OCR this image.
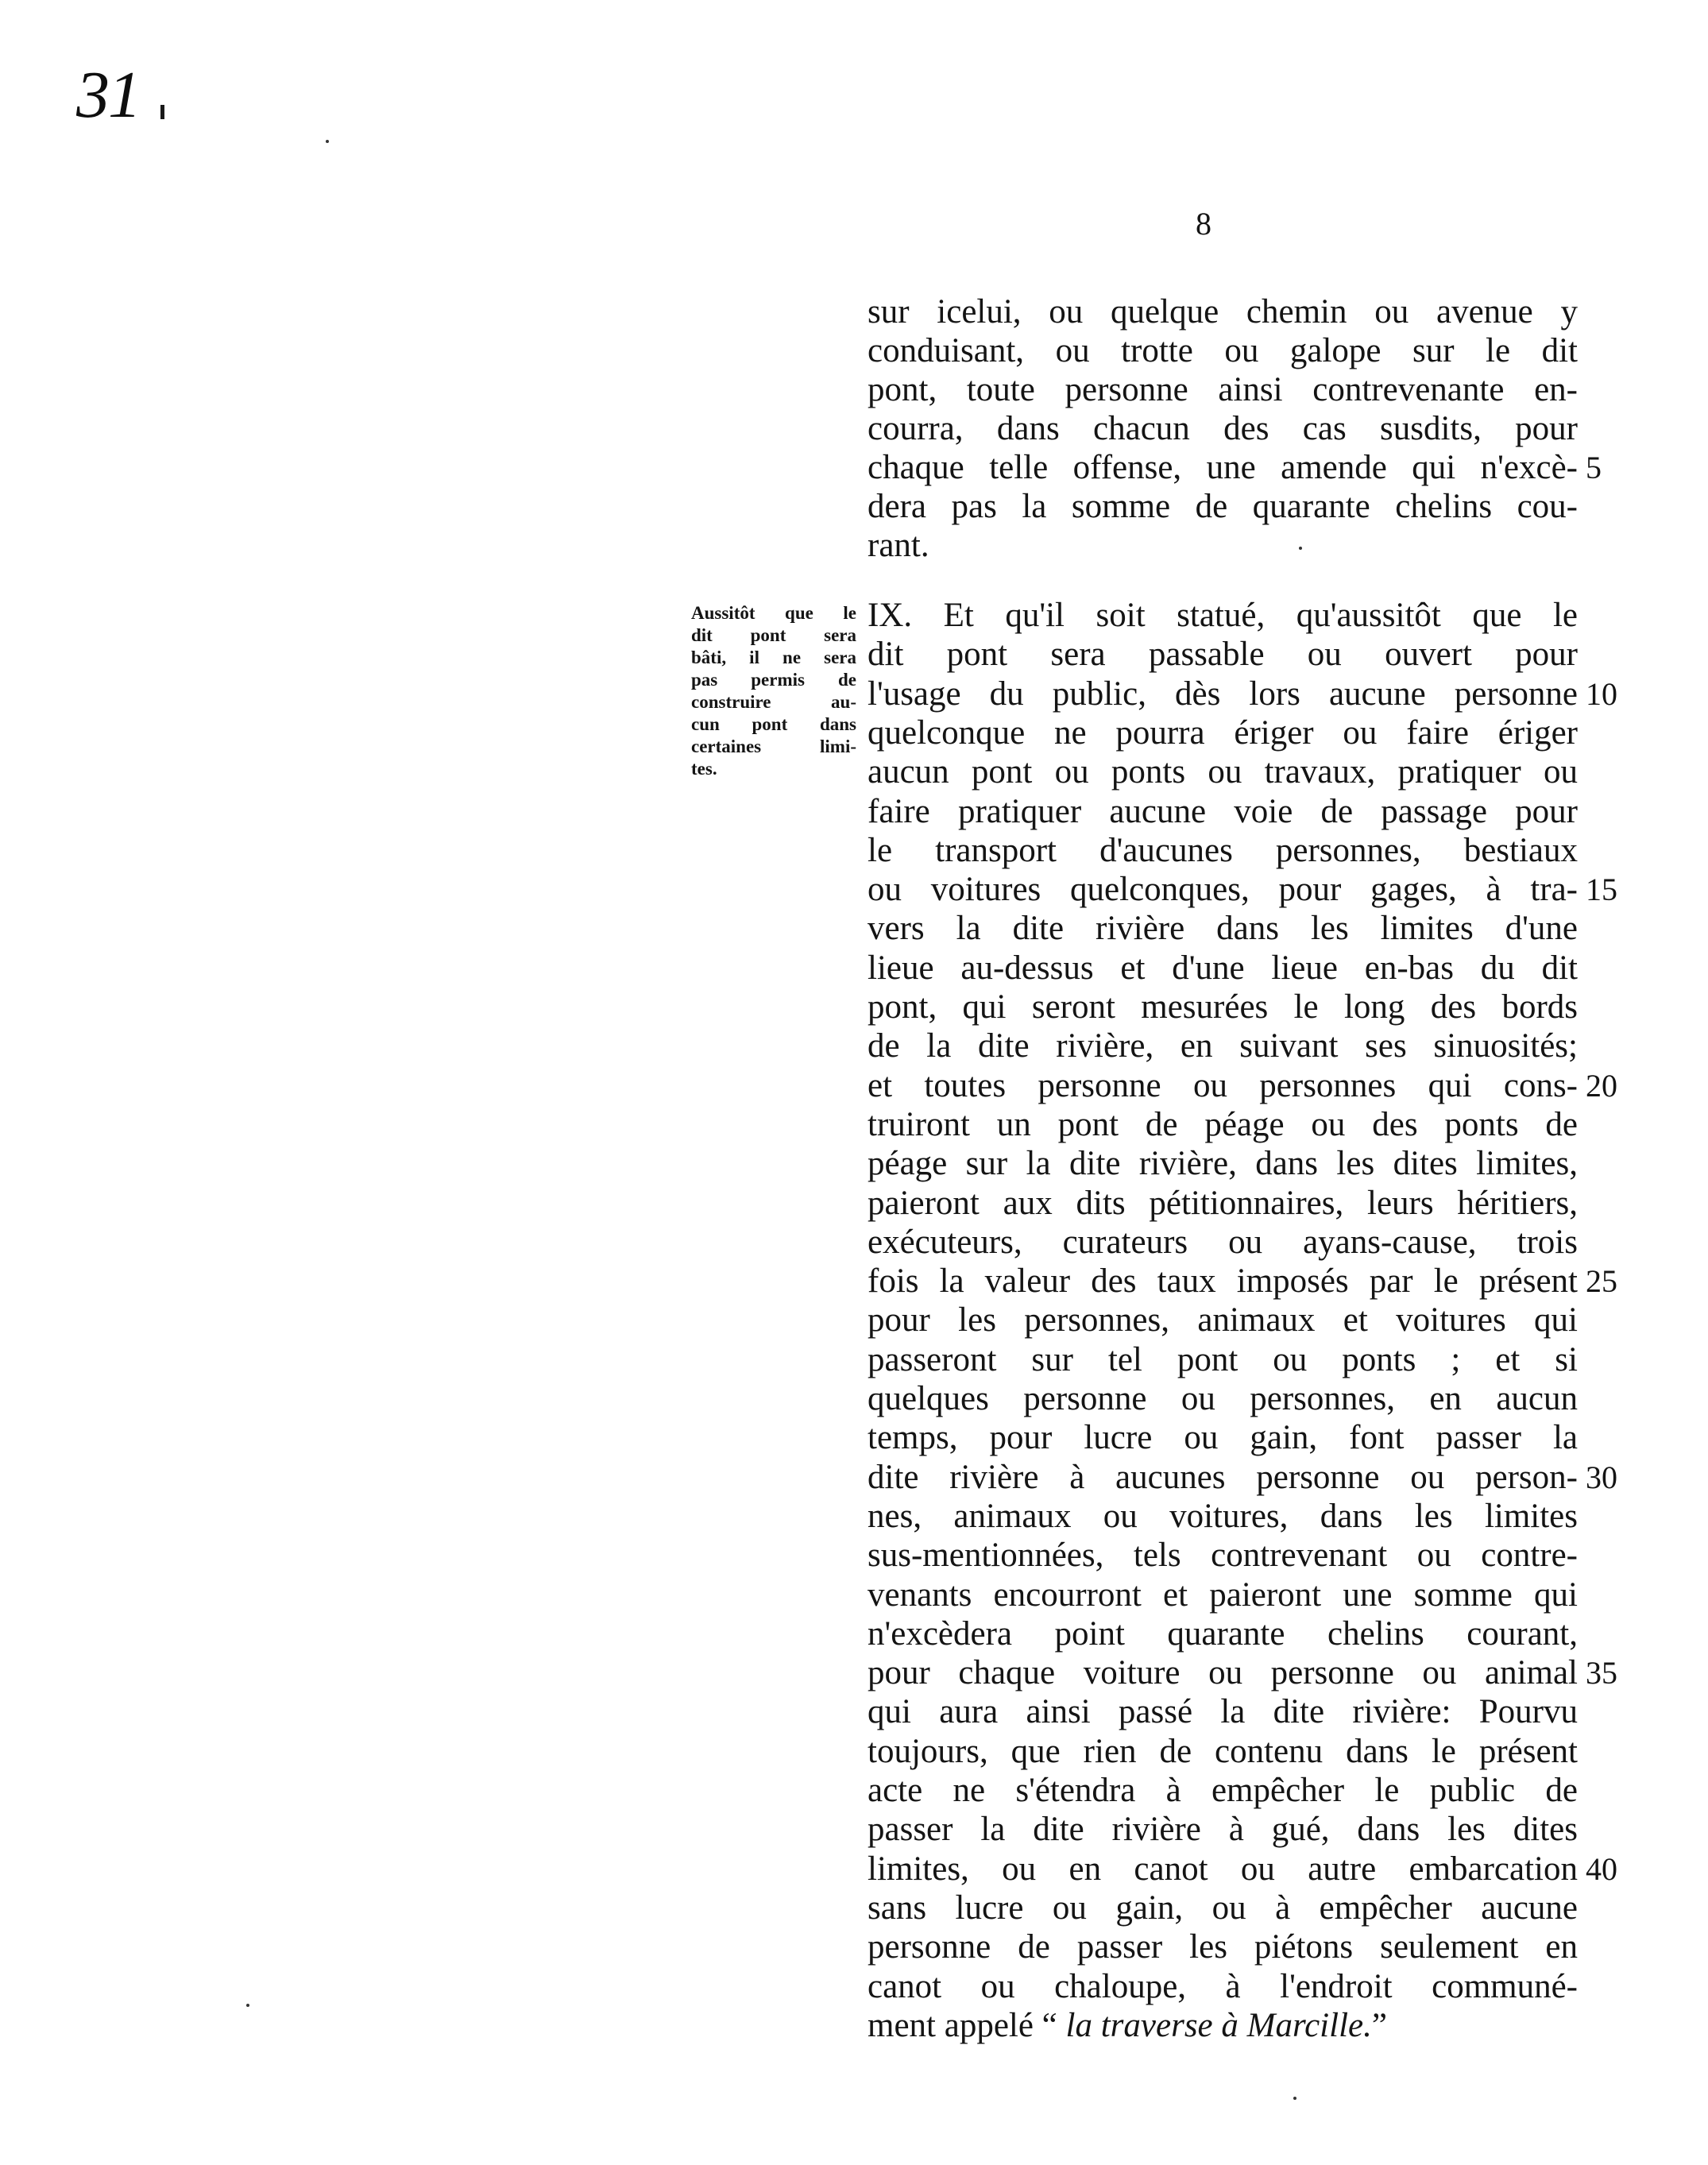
31
8
sur icelui, ou quelque chemin ou avenue y
conduisant, ou trotte ou galope sur le dit
pont, toute personne ainsi contrevenante en-
courra, dans chacun des cas susdits, pour
chaque telle offense, une amende qui n'excè- 5
dera pas la somme de quarante chelins cou-
rant.
IX. Et qu'il soit statué, qu'aussitôt que le
dit pont sera passable ou ouvert pour
l'usage du public, dès lors aucune personne 10
quelconque ne pourra ériger ou faire ériger
aucun pont ou ponts ou travaux, pratiquer ou
faire pratiquer aucune voie de passage pour
le transport d'aucunes personnes, bestiaux
ou voitures quelconques, pour gages, à tra- 15
vers la dite rivière dans les limites d'une
lieue au-dessus et d'une lieue en-bas du dit
pont, qui seront mesurées le long des bords
de la dite rivière, en suivant ses sinuosités;
et toutes personne ou personnes qui cons- 20
truiront un pont de péage ou des ponts de
péage sur la dite rivière, dans les dites limites,
paieront aux dits pétitionnaires, leurs héritiers,
exécuteurs, curateurs ou ayans-cause, trois
fois la valeur des taux imposés par le présent 25
pour les personnes, animaux et voitures qui
passeront sur tel pont ou ponts ; et si
quelques personne ou personnes, en aucun
temps, pour lucre ou gain, font passer la
dite rivière à aucunes personne ou person- 30
nes, animaux ou voitures, dans les limites
sus-mentionnées, tels contrevenant ou contre-
venants encourront et paieront une somme qui
n'excèdera point quarante chelins courant,
pour chaque voiture ou personne ou animal 35
qui aura ainsi passé la dite rivière: Pourvu
toujours, que rien de contenu dans le présent
acte ne s'étendra à empêcher le public de
passer la dite rivière à gué, dans les dites
limites, ou en canot ou autre embarcation 40
sans lucre ou gain, ou à empêcher aucune
personne de passer les piétons seulement en
canot ou chaloupe, à l'endroit communé-
ment appelé “ la traverse à Marcille.”
Aussitôt que le
dit pont sera
bâti, il ne sera
pas permis de
construire au-
cun pont dans
certaines limi-
tes.
